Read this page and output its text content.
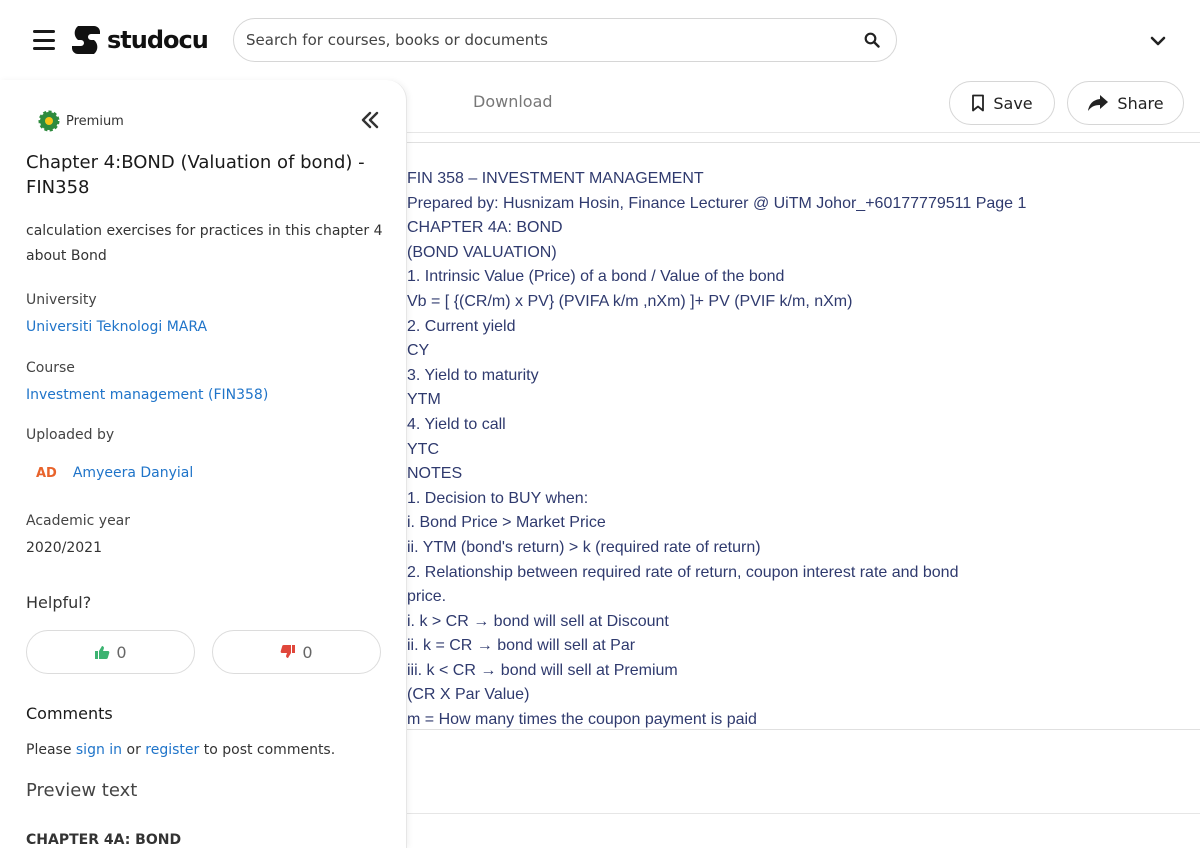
studocu
Search for courses, books or documents
Download	Save	Share
FIN 358 – INVESTMENT MANAGEMENT
Prepared by: Husnizam Hosin, Finance Lecturer @ UiTM Johor_+60177779511 Page 1
CHAPTER 4A: BOND
(BOND VALUATION)
1. Intrinsic Value (Price) of a bond / Value of the bond
Vb = [ {(CR/m) x PV} (PVIFA k/m ,nXm) ]+ PV (PVIF k/m, nXm)
2. Current yield
CY
3. Yield to maturity
YTM
4. Yield to call
YTC
NOTES
1. Decision to BUY when:
i. Bond Price > Market Price
ii. YTM (bond's return) > k (required rate of return)
2. Relationship between required rate of return, coupon interest rate and bond
price.
i. k > CR → bond will sell at Discount
ii. k = CR → bond will sell at Par
iii. k < CR → bond will sell at Premium
(CR X Par Value)
m = How many times the coupon payment is paid
Premium
Chapter 4:BOND (Valuation of bond) - FIN358
calculation exercises for practices in this chapter 4 about Bond
University
Universiti Teknologi MARA
Course
Investment management (FIN358)
Uploaded by
AD Amyeera Danyial
Academic year
2020/2021
Helpful?
0	0
Comments
Please sign in or register to post comments.
Preview text
CHAPTER 4A: BOND
